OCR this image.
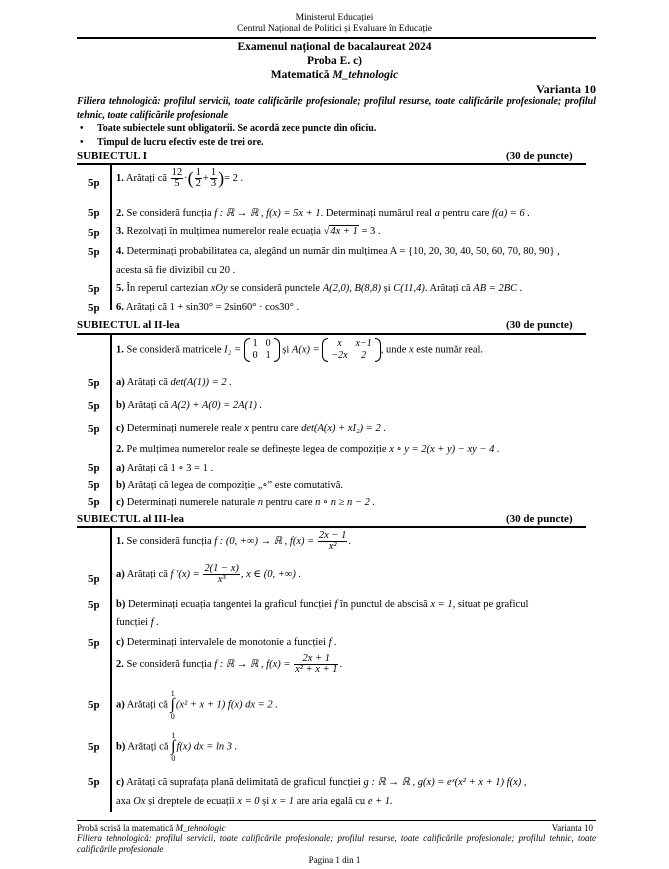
Ministerul Educației
Centrul Național de Politici și Evaluare în Educație
Examenul național de bacalaureat 2024
Proba E. c)
Matematică M_tehnologic
Varianta 10
Filiera tehnologică: profilul servicii, toate calificările profesionale; profilul resurse, toate calificările profesionale; profilul tehnic, toate calificările profesionale
• Toate subiectele sunt obligatorii. Se acordă zece puncte din oficiu.
• Timpul de lucru efectiv este de trei ore.
SUBIECTUL I	(30 de puncte)
5p 1. Arătați că $\frac{12}{5}$ ·( $\frac{1}{2} + \frac{1}{3}$ )= 2 .
5p 2. Se consideră funcția f : ℝ → ℝ , f(x) = 5x + 1. Determinați numărul real a pentru care f(a) = 6 .
5p 3. Rezolvați în mulțimea numerelor reale ecuația √4x + 1 = 3 .
5p 4. Determinați probabilitatea ca, alegând un număr din mulțimea A = {10, 20, 30, 40, 50, 60, 70, 80, 90} ,
acesta să fie divizibil cu 20 .
5p 5. În reperul cartezian xOy se consideră punctele A(2,0), B(8,8) și C(11,4). Arătați că AB = 2BC .
5p 6. Arătați că 1 + sin30° = 2sin60° · cos30° .
SUBIECTUL al II-lea	(30 de puncte)
1. Se consideră matricele I₂ =
1	0
0	1
și A(x) =
x	x−1
−2x	2
, unde x este număr real.
5p a) Arătați că det(A(1)) = 2 .
5p b) Arătați că A(2) + A(0) = 2A(1) .
5p c) Determinați numerele reale x pentru care det(A(x) + xI₂) = 2 .
2. Pe mulțimea numerelor reale se definește legea de compoziție x ∘ y = 2(x + y) − xy − 4 .
5p a) Arătați că 1 ∘ 3 = 1 .
5p b) Arătați că legea de compoziție „∘” este comutativă.
5p c) Determinați numerele naturale n pentru care n ∘ n ≥ n − 2 .
SUBIECTUL al III-lea	(30 de puncte)
1. Se consideră funcția f : (0, +∞) → ℝ , $f(x) = \frac{2x - 1}{\text{x²}}$ .
5p a) Arătați că f $'(x) = \frac{2(1 - x)}{\text{x³}}$ , x ∈ (0, +∞) .
5p b) Determinați ecuația tangentei la graficul funcției f în punctul de abscisă x = 1, situat pe graficul
funcției f .
5p c) Determinați intervalele de monotonie a funcției f .
2. Se consideră funcția f : ℝ → ℝ , $f(x) = \frac{2x + 1}{\text{x² + x + 1}}$ .
5p a) Arătați că 1
∫
0(x² + x + 1) f(x) dx = 2 .
5p b) Arătați că 1
∫
0f(x) dx = ln 3 .
5p c) Arătați că suprafața plană delimitată de graficul funcției g : ℝ → ℝ , g(x) = eˣ(x² + x + 1) f(x) ,
axa Ox și dreptele de ecuații x = 0 și x = 1 are aria egală cu e + 1.
Probă scrisă la matematică M_tehnologic	Varianta 10
Filiera tehnologică: profilul servicii, toate calificările profesionale; profilul resurse, toate calificările profesionale; profilul tehnic, toate calificările profesionale
Pagina 1 din 1
